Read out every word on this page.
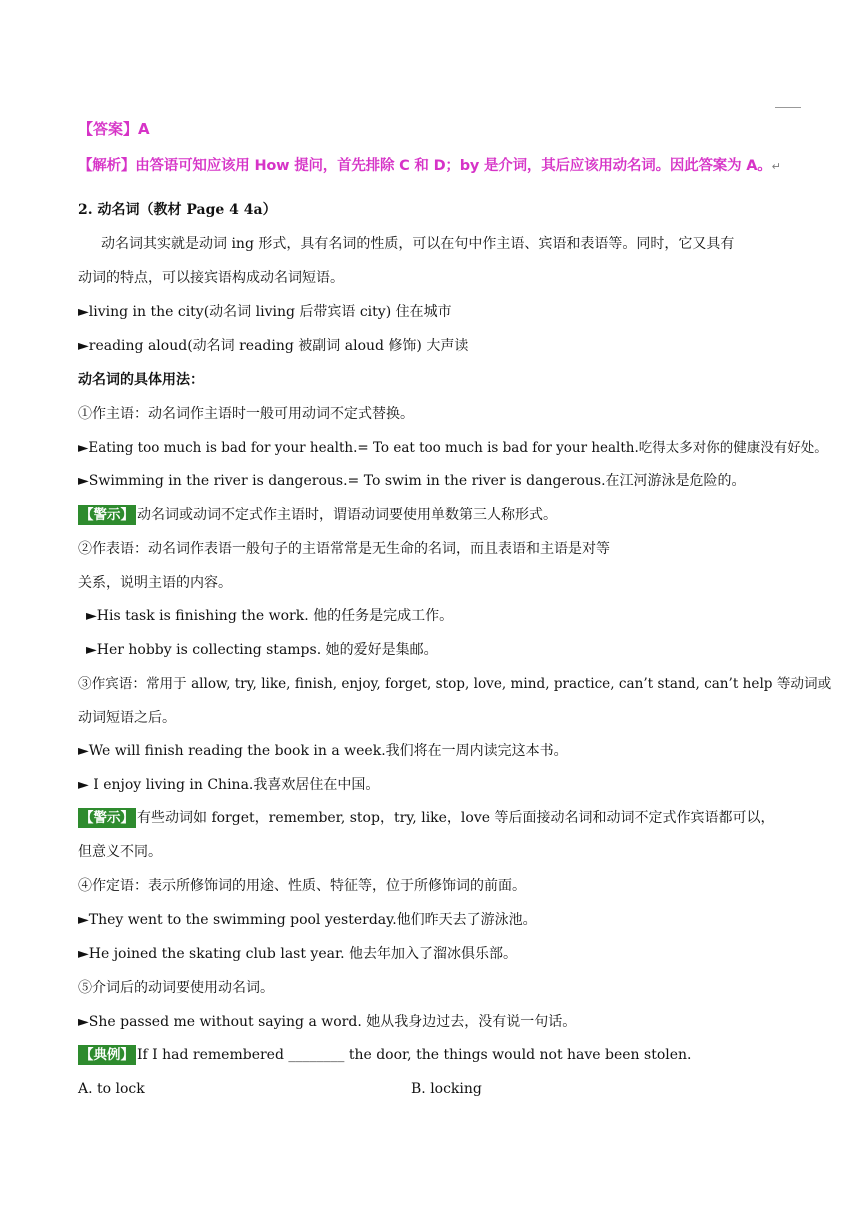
【答案】A
【解析】由答语可知应该用 How 提问，首先排除 C 和 D；by 是介词，其后应该用动名词。因此答案为 A。↵
2. 动名词（教材 Page 4 4a）
动名词其实就是动词 ing 形式，具有名词的性质，可以在句中作主语、宾语和表语等。同时，它又具有
动词的特点，可以接宾语构成动名词短语。
►living in the city(动名词 living 后带宾语 city) 住在城市
►reading aloud(动名词 reading 被副词 aloud 修饰) 大声读
动名词的具体用法：
①作主语：动名词作主语时一般可用动词不定式替换。
►Eating too much is bad for your health.= To eat too much is bad for your health.吃得太多对你的健康没有好处。
►Swimming in the river is dangerous.= To swim in the river is dangerous.在江河游泳是危险的。
【警示】 动名词或动词不定式作主语时，谓语动词要使用单数第三人称形式。
②作表语：动名词作表语一般句子的主语常常是无生命的名词，而且表语和主语是对等
关系，说明主语的内容。
►His task is finishing the work. 他的任务是完成工作。
►Her hobby is collecting stamps. 她的爱好是集邮。
③作宾语：常用于 allow, try, like, finish, enjoy, forget, stop, love, mind, practice, can’t stand, can’t help 等动词或
动词短语之后。
►We will finish reading the book in a week.我们将在一周内读完这本书。
► I enjoy living in China.我喜欢居住在中国。
【警示】 有些动词如 forget，remember, stop，try, like，love 等后面接动名词和动词不定式作宾语都可以，
但意义不同。
④作定语：表示所修饰词的用途、性质、特征等，位于所修饰词的前面。
►They went to the swimming pool yesterday.他们昨天去了游泳池。
►He joined the skating club last year. 他去年加入了溜冰俱乐部。
⑤介词后的动词要使用动名词。
►She passed me without saying a word. 她从我身边过去，没有说一句话。
【典例】 If I had remembered ________ the door, the things would not have been stolen.
A. to lock	B. locking
